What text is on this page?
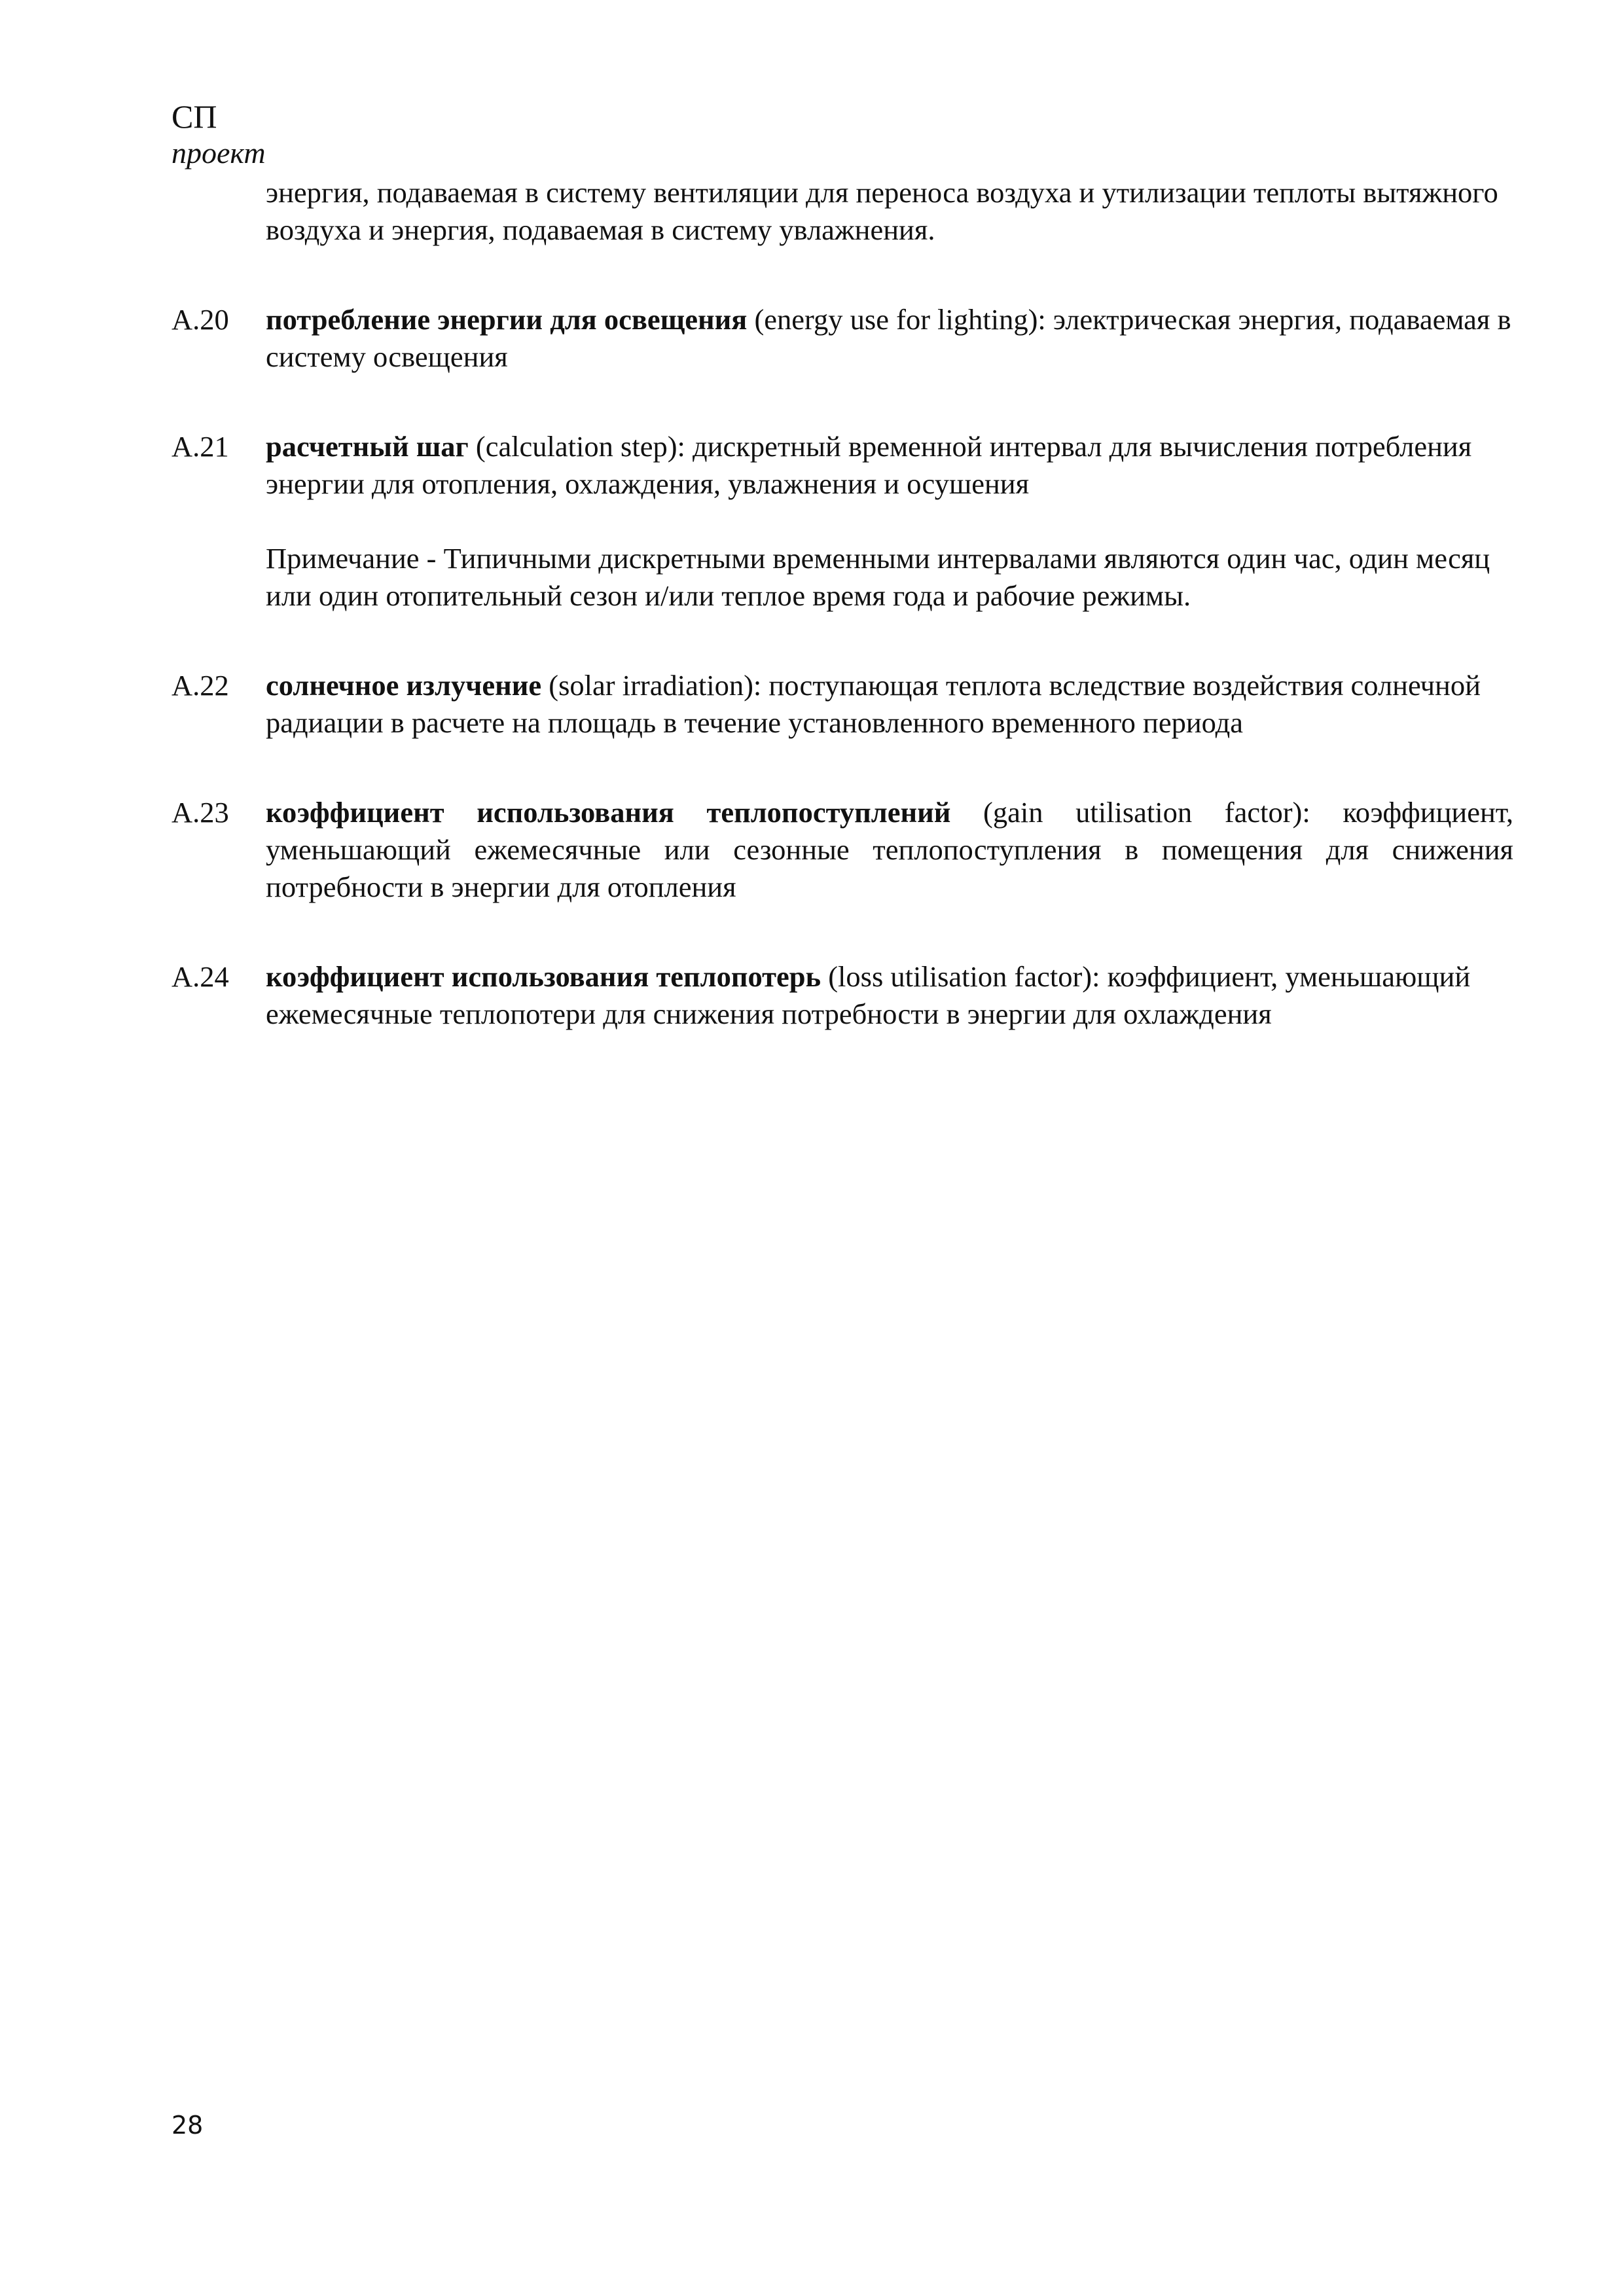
СП
проект
энергия, подаваемая в систему вентиляции для переноса воздуха и утилизации теплоты вытяжного воздуха и энергия, подаваемая в систему увлажнения.
A.20	потребление энергии для освещения (energy use for lighting): электрическая энергия, подаваемая в систему освещения
A.21	расчетный шаг (calculation step): дискретный временной интервал для вычисления потребления энергии для отопления, охлаждения, увлажнения и осушения
Примечание - Типичными дискретными временными интервалами являются один час, один месяц или один отопительный сезон и/или теплое время года и рабочие режимы.
A.22	солнечное излучение (solar irradiation): поступающая теплота вследствие воздействия солнечной радиации в расчете на площадь в течение установленного временного периода
A.23	коэффициент использования теплопоступлений (gain utilisation factor): коэффициент, уменьшающий ежемесячные или сезонные теплопоступления в помещения для снижения потребности в энергии для отопления
A.24	коэффициент использования теплопотерь (loss utilisation factor): коэффициент, уменьшающий ежемесячные теплопотери для снижения потребности в энергии для охлаждения
28
